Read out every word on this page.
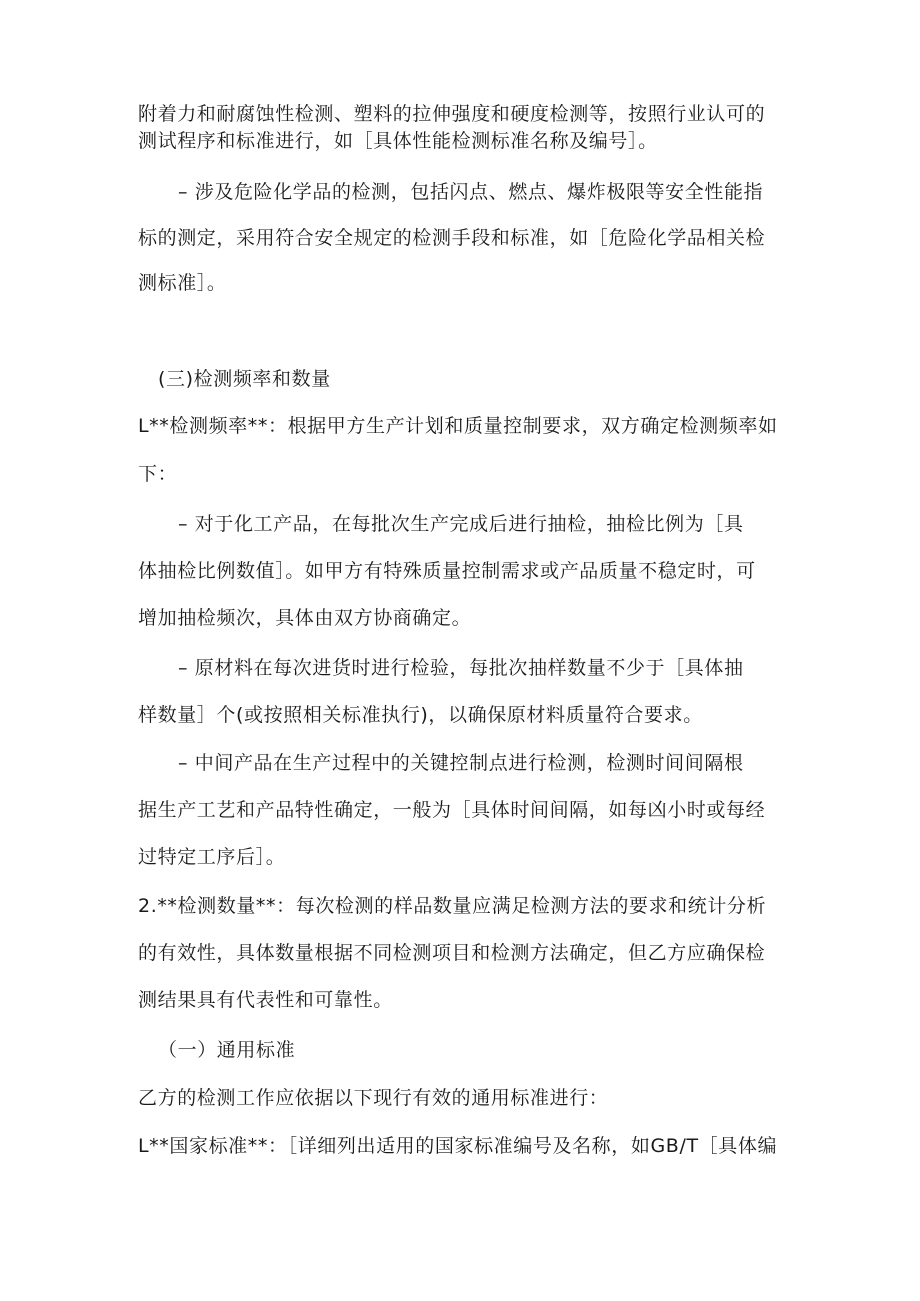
附着力和耐腐蚀性检测、塑料的拉伸强度和硬度检测等，按照行业认可的
测试程序和标准进行，如［具体性能检测标准名称及编号］。
– 涉及危险化学品的检测，包括闪点、燃点、爆炸极限等安全性能指
标的测定，采用符合安全规定的检测手段和标准，如［危险化学品相关检
测标准］。
(三)检测频率和数量
L**检测频率**：根据甲方生产计划和质量控制要求，双方确定检测频率如
下：
– 对于化工产品，在每批次生产完成后进行抽检，抽检比例为［具
体抽检比例数值］。如甲方有特殊质量控制需求或产品质量不稳定时，可
增加抽检频次，具体由双方协商确定。
– 原材料在每次进货时进行检验，每批次抽样数量不少于［具体抽
样数量］个(或按照相关标准执行)，以确保原材料质量符合要求。
– 中间产品在生产过程中的关键控制点进行检测，检测时间间隔根
据生产工艺和产品特性确定，一般为［具体时间间隔，如每凶小时或每经
过特定工序后］。
2.**检测数量**：每次检测的样品数量应满足检测方法的要求和统计分析
的有效性，具体数量根据不同检测项目和检测方法确定，但乙方应确保检
测结果具有代表性和可靠性。
（一）通用标准
乙方的检测工作应依据以下现行有效的通用标准进行：
L**国家标准**：［详细列出适用的国家标准编号及名称，如GB/T［具体编
